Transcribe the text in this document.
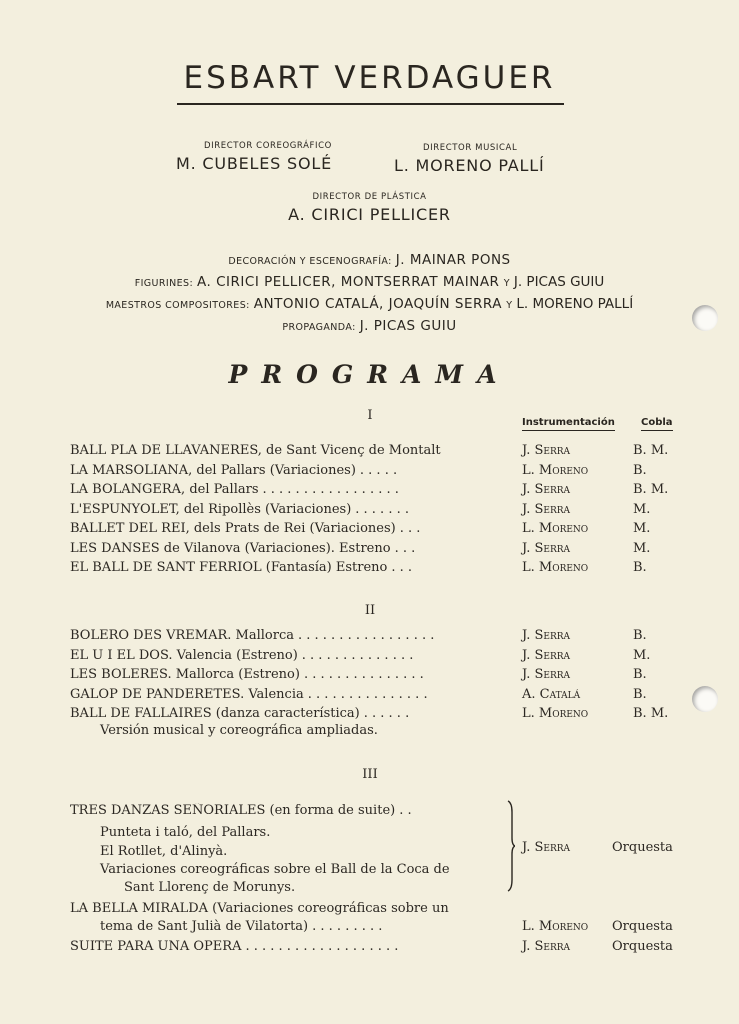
ESBART VERDAGUER
DIRECTOR COREOGRÁFICO
M. CUBELES SOLÉ
DIRECTOR MUSICAL
L. MORENO PALLÍ
DIRECTOR DE PLÁSTICA
A. CIRICI PELLICER
DECORACIÓN Y ESCENOGRAFÍA: J. MAINAR PONS
FIGURINES: A. CIRICI PELLICER, MONTSERRAT MAINAR Y J. PICAS GUIU
MAESTROS COMPOSITORES: ANTONIO CATALÁ, JOAQUÍN SERRA Y L. MORENO PALLÍ
PROPAGANDA: J. PICAS GUIU
PROGRAMA
I	Instrumentación	Cobla
BALL PLA DE LLAVANERES, de Sant Vicenç de Montalt	J. Serra	B. M.
LA MARSOLIANA, del Pallars (Variaciones) . . . . .	L. Moreno	B.
LA BOLANGERA, del Pallars . . . . . . . . . . . . . . . . .	J. Serra	B. M.
L'ESPUNYOLET, del Ripollès (Variaciones) . . . . . . .	J. Serra	M.
BALLET DEL REI, dels Prats de Rei (Variaciones) . . .	L. Moreno	M.
LES DANSES de Vilanova (Variaciones). Estreno . . .	J. Serra	M.
EL BALL DE SANT FERRIOL (Fantasía) Estreno . . .	L. Moreno	B.
II
BOLERO DES VREMAR. Mallorca . . . . . . . . . . . . . . . . .	J. Serra	B.
EL U I EL DOS. Valencia (Estreno) . . . . . . . . . . . . . .	J. Serra	M.
LES BOLERES. Mallorca (Estreno) . . . . . . . . . . . . . . .	J. Serra	B.
GALOP DE PANDERETES. Valencia . . . . . . . . . . . . . . .	A. Catalá	B.
BALL DE FALLAIRES (danza característica) . . . . . .	L. Moreno	B. M.
Versión musical y coreográfica ampliadas.
III
TRES DANZAS SEÑORIALES (en forma de suite) . .
Punteta i taló, del Pallars.
El Rotllet, d'Alinyà.
Variaciones coreográficas sobre el Ball de la Coca de
Sant Llorenç de Morunys.
J. Serra	Orquesta
LA BELLA MIRALDA (Variaciones coreográficas sobre un
tema de Sant Julià de Vilatorta) . . . . . . . . .	L. Moreno Orquesta
SUITE PARA UNA OPERA . . . . . . . . . . . . . . . . . . .	J. Serra	Orquesta
